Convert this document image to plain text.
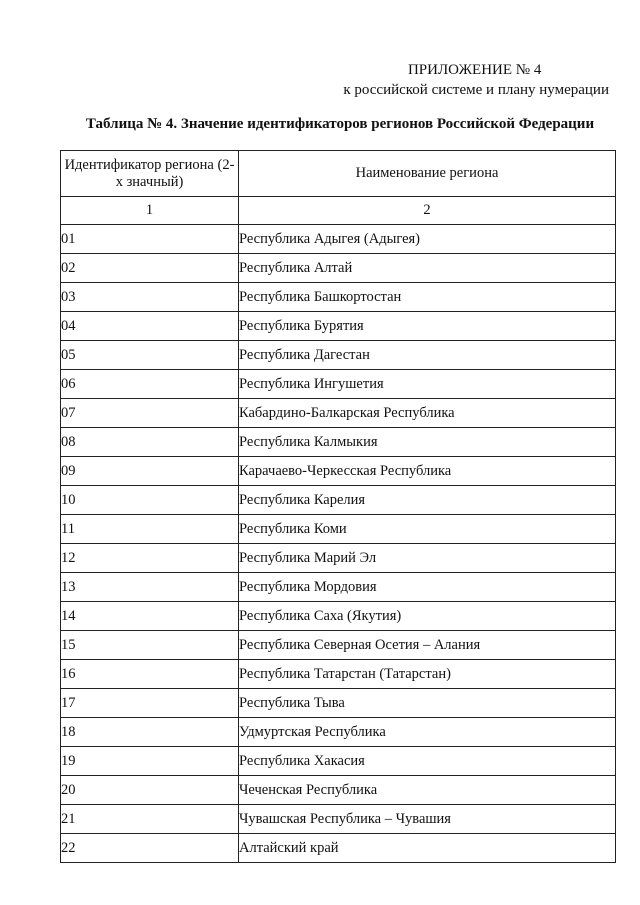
ПРИЛОЖЕНИЕ № 4
к российской системе и плану нумерации
Таблица № 4. Значение идентификаторов регионов Российской Федерации
Идентификатор региона (2-х значный)	Наименование региона
1	2
01	Республика Адыгея (Адыгея)
02	Республика Алтай
03	Республика Башкортостан
04	Республика Бурятия
05	Республика Дагестан
06	Республика Ингушетия
07	Кабардино-Балкарская Республика
08	Республика Калмыкия
09	Карачаево-Черкесская Республика
10	Республика Карелия
11	Республика Коми
12	Республика Марий Эл
13	Республика Мордовия
14	Республика Саха (Якутия)
15	Республика Северная Осетия – Алания
16	Республика Татарстан (Татарстан)
17	Республика Тыва
18	Удмуртская Республика
19	Республика Хакасия
20	Чеченская Республика
21	Чувашская Республика – Чувашия
22	Алтайский край
